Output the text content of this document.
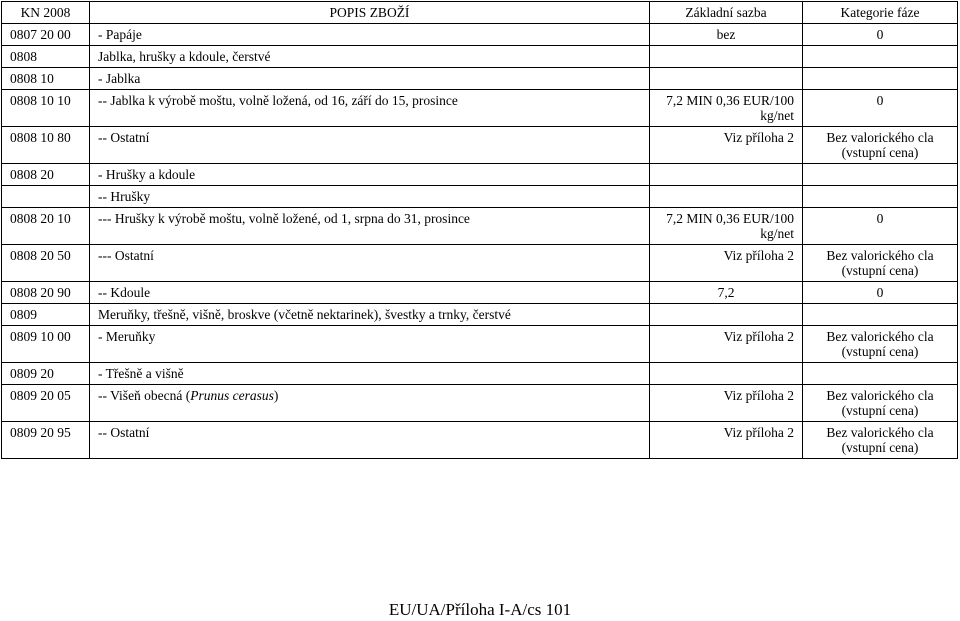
KN 2008	POPIS ZBOŽÍ	Základní sazba	Kategorie fáze
0807 20 00	- Papáje	bez	0
0808	Jablka, hrušky a kdoule, čerstvé		
0808 10	- Jablka		
0808 10 10	-- Jablka k výrobě moštu, volně ložená, od 16, září do 15, prosince	7,2 MIN 0,36 EUR/100 kg/net	0
0808 10 80	-- Ostatní	Viz příloha 2	Bez valorického cla (vstupní cena)
0808 20	- Hrušky a kdoule		
	-- Hrušky		
0808 20 10	--- Hrušky k výrobě moštu, volně ložené, od 1, srpna do 31, prosince	7,2 MIN 0,36 EUR/100 kg/net	0
0808 20 50	--- Ostatní	Viz příloha 2	Bez valorického cla (vstupní cena)
0808 20 90	-- Kdoule	7,2	0
0809	Meruňky, třešně, višně, broskve (včetně nektarinek), švestky a trnky, čerstvé		
0809 10 00	- Meruňky	Viz příloha 2	Bez valorického cla (vstupní cena)
0809 20	- Třešně a višně		
0809 20 05	-- Višeň obecná (Prunus cerasus)	Viz příloha 2	Bez valorického cla (vstupní cena)
0809 20 95	-- Ostatní	Viz příloha 2	Bez valorického cla (vstupní cena)
EU/UA/Příloha I-A/cs 101
